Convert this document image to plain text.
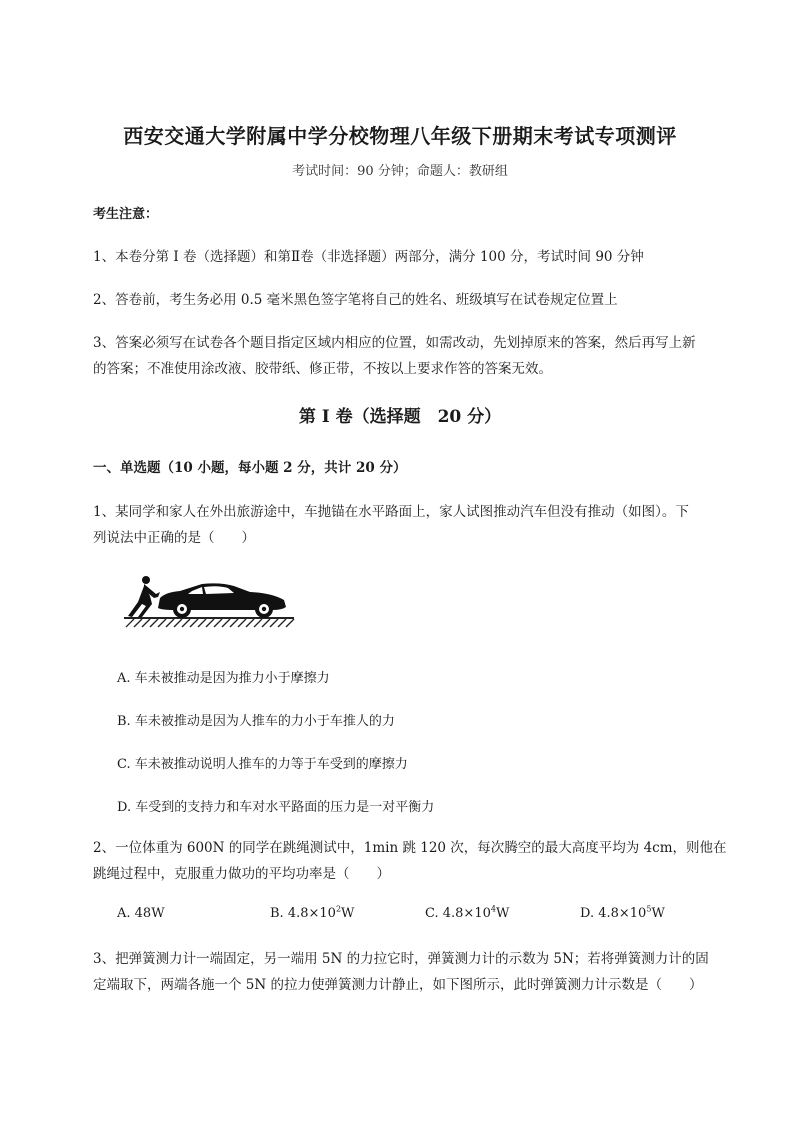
西安交通大学附属中学分校物理八年级下册期末考试专项测评
考试时间：90 分钟；命题人：教研组
考生注意：
1、本卷分第 I 卷（选择题）和第Ⅱ卷（非选择题）两部分，满分 100 分，考试时间 90 分钟
2、答卷前，考生务必用 0.5 毫米黑色签字笔将自己的姓名、班级填写在试卷规定位置上
3、答案必须写在试卷各个题目指定区域内相应的位置，如需改动，先划掉原来的答案，然后再写上新
的答案；不准使用涂改液、胶带纸、修正带，不按以上要求作答的答案无效。
第 I 卷（选择题　20 分）
一、单选题（10 小题，每小题 2 分，共计 20 分）
1、某同学和家人在外出旅游途中，车抛锚在水平路面上，家人试图推动汽车但没有推动（如图）。下
列说法中正确的是（　　）
A. 车未被推动是因为推力小于摩擦力
B. 车未被推动是因为人推车的力小于车推人的力
C. 车未被推动说明人推车的力等于车受到的摩擦力
D. 车受到的支持力和车对水平路面的压力是一对平衡力
2、一位体重为 600N 的同学在跳绳测试中，1min 跳 120 次，每次腾空的最大高度平均为 4cm，则他在
跳绳过程中，克服重力做功的平均功率是（　　）
A. 48W	B. $4.8\times 10^2W$	C. $4.8\times 10^4W$	D. $4.8\times 10^5W$
3、把弹簧测力计一端固定，另一端用 5N 的力拉它时，弹簧测力计的示数为 5N；若将弹簧测力计的固
定端取下，两端各施一个 5N 的拉力使弹簧测力计静止，如下图所示，此时弹簧测力计示数是（　　）
